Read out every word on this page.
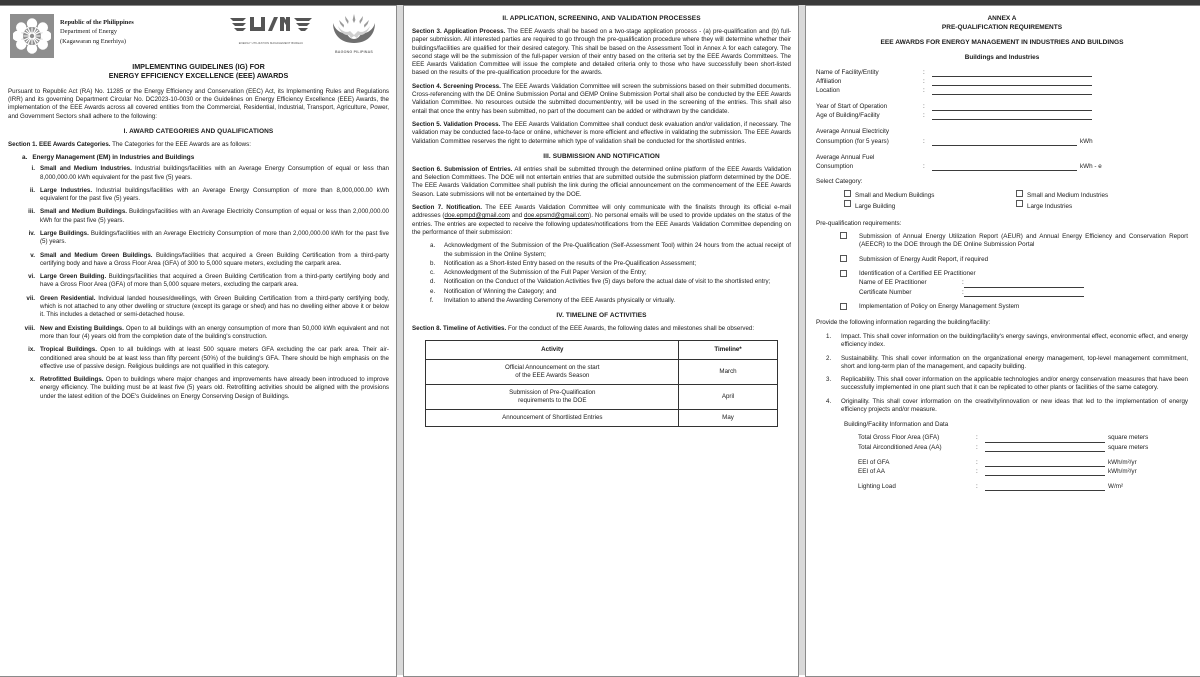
Republic of the Philippines
Department of Energy
(Kagawaran ng Enerhiya)	ENERGY UTILIZATION MANAGEMENT BUREAU
BAGONG PILIPINAS
IMPLEMENTING GUIDELINES (IG) FOR
ENERGY EFFICIENCY EXCELLENCE (EEE) AWARDS

Pursuant to Republic Act (RA) No. 11285 or the Energy Efficiency and Conservation (EEC) Act, its Implementing Rules and Regulations (IRR) and its governing Department Circular No. DC2023-10-0030 or the Guidelines on Energy Efficiency Excellence (EEE) Awards, the implementation of the EEE Awards across all covered entities from the Commercial, Residential, Industrial, Transport, Agriculture, Power, and Government Sectors shall adhere to the following:

I. AWARD CATEGORIES AND QUALIFICATIONS

Section 1. EEE Awards Categories. The Categories for the EEE Awards are as follows:

a. Energy Management (EM) in Industries and Buildings
i. Small and Medium Industries. Industrial buildings/facilities with an Average Energy Consumption of equal or less than 8,000,000.00 kWh equivalent for the past five (5) years.
ii. Large Industries. Industrial buildings/facilities with an Average Energy Consumption of more than 8,000,000.00 kWh equivalent for the past five (5) years.
iii. Small and Medium Buildings. Buildings/facilities with an Average Electricity Consumption of equal or less than 2,000,000.00 kWh for the past five (5) years.
iv. Large Buildings. Buildings/facilities with an Average Electricity Consumption of more than 2,000,000.00 kWh for the past five (5) years.
v. Small and Medium Green Buildings. Buildings/facilities that acquired a Green Building Certification from a third-party certifying body and have a Gross Floor Area (GFA) of 300 to 5,000 square meters, excluding the carpark area.
vi. Large Green Building. Buildings/facilities that acquired a Green Building Certification from a third-party certifying body and have a Gross Floor Area (GFA) of more than 5,000 square meters, excluding the carpark area.
vii. Green Residential. Individual landed houses/dwellings, with Green Building Certification from a third-party certifying body, which is not attached to any other dwelling or structure (except its garage or shed) and has no dwelling either above it or below it. This includes a detached or semi-detached house.
viii. New and Existing Buildings. Open to all buildings with an energy consumption of more than 50,000 kWh equivalent and not more than four (4) years old from the completion date of the building's construction.
ix. Tropical Buildings. Open to all buildings with at least 500 square meters GFA excluding the car park area. Their air-conditioned area should be at least less than fifty percent (50%) of the building's GFA. There should be high emphasis on the effective use of passive design. Religious buildings are not qualified in this category.
x. Retrofitted Buildings. Open to buildings where major changes and improvements have already been introduced to improve energy efficiency. The building must be at least five (5) years old. Retrofitting activities should be aligned with the provisions under the latest edition of the DOE's Guidelines on Energy Conserving Design of Buildings.
II. APPLICATION, SCREENING, AND VALIDATION PROCESSES

Section 3. Application Process. The EEE Awards shall be based on a two-stage application process - (a) pre-qualification and (b) full-paper submission. All interested parties are required to go through the pre-qualification procedure where they will determine whether their buildings/facilities are qualified for their desired category. This shall be based on the Assessment Tool in Annex A for each category. The second stage will be the submission of the full-paper version of their entry based on the criteria set by the EEE Awards Committees. The EEE Awards Validation Committee will issue the complete and detailed criteria only to those who have successfully been short-listed based on the results of the pre-qualification procedure for the awards.

Section 4. Screening Process. The EEE Awards Validation Committee will screen the submissions based on their submitted documents. Cross-referencing with the DE Online Submission Portal and GEMP Online Submission Portal shall also be conducted by the EEE Awards Validation Committee. No resources outside the submitted document/entry, will be used in the screening of the entries. This shall also entail that once the entry has been submitted, no part of the document can be added or withdrawn by the candidate.

Section 5. Validation Process. The EEE Awards Validation Committee shall conduct desk evaluation and/or validation, if necessary. The validation may be conducted face-to-face or online, whichever is more efficient and effective in validating the submission. The EEE Awards Validation Committee reserves the right to determine which type of validation shall be conducted for the shortlisted entries.

III. SUBMISSION AND NOTIFICATION

Section 6. Submission of Entries. All entries shall be submitted through the determined online platform of the EEE Awards Validation and Selection Committees. The DOE will not entertain entries that are submitted outside the submission platform determined by the DOE. The EEE Awards Validation Committee shall publish the link during the official announcement on the commencement of the EEE Awards Season. Late submissions will not be entertained by the DOE.

Section 7. Notification. The EEE Awards Validation Committee will only communicate with the finalists through its official e-mail addresses (doe.epmpd@gmail.com and doe.epsmd@gmail.com). No personal emails will be used to provide updates on the status of the entries. The entries are expected to receive the following updates/notifications from the EEE Awards Validation Committee depending on the performance of their submission:

a.	Acknowledgment of the Submission of the Pre-Qualification (Self-Assessment Tool) within 24 hours from the actual receipt of the submission in the Online System;
b.	Notification as a Short-listed Entry based on the results of the Pre-Qualification Assessment;
c.	Acknowledgment of the Submission of the Full Paper Version of the Entry;
d.	Notification on the Conduct of the Validation Activities five (5) days before the actual date of visit to the shortlisted entry;
e.	Notification of Winning the Category; and
f.	Invitation to attend the Awarding Ceremony of the EEE Awards physically or virtually.
IV. TIMELINE OF ACTIVITIES

Section 8. Timeline of Activities. For the conduct of the EEE Awards, the following dates and milestones shall be observed:

Activity	Timeline*
Official Announcement on the start
of the EEE Awards Season	March
Submission of Pre-Qualification
requirements to the DOE	April
Announcement of Shortlisted Entries	May
ANNEX A
PRE-QUALIFICATION REQUIREMENTS
EEE AWARDS FOR ENERGY MANAGEMENT IN INDUSTRIES AND BUILDINGS
Buildings and Industries
Name of Facility/Entity	:
Affiliation	:
Location	:
Year of Start of Operation	:
Age of Building/Facility	:
Average Annual Electricity
Consumption (for 5 years)	:	kWh
Average Annual Fuel
Consumption	:	kWh - e
Select Category:
Small and Medium Buildings
Large Building
Small and Medium Industries
Large Industries
Pre-qualification requirements:
Submission of Annual Energy Utilization Report (AEUR) and Annual Energy Efficiency and Conservation Report (AEECR) to the DOE through the DE Online Submission Portal
Submission of Energy Audit Report, if required
Identification of a Certified EE Practitioner
Name of EE Practitioner	:
Certificate Number	:
Implementation of Policy on Energy Management System
Provide the following information regarding the building/facility:
1.	Impact. This shall cover information on the building/facility's energy savings, environmental effect, economic effect, and energy efficiency index.
2.	Sustainability. This shall cover information on the organizational energy management, top-level management commitment, short and long-term plan of the management, and capacity building.
3.	Replicability. This shall cover information on the applicable technologies and/or energy conservation measures that have been successfully implemented in one plant such that it can be replicated to other plants or facilities of the same category.
4.	Originality. This shall cover information on the creativity/innovation or new ideas that led to the implementation of energy efficiency projects and/or measure.
Building/Facility Information and Data
Total Gross Floor Area (GFA)	:	square meters
Total Airconditioned Area (AA)	:	square meters
EEI of GFA	:	kWh/m²/yr
EEI of AA	:	kWh/m²/yr
Lighting Load	:	W/m²
